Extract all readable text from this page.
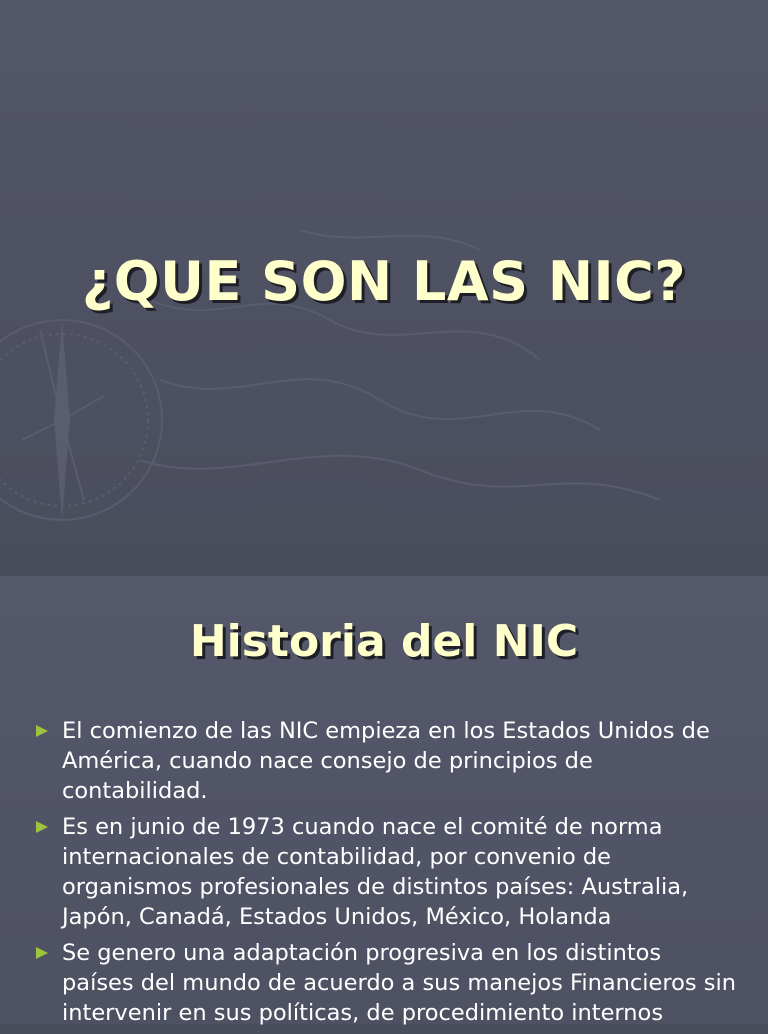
¿QUE SON LAS NIC?
Historia del NIC
El comienzo de las NIC empieza en los Estados Unidos de América, cuando nace consejo de principios de contabilidad.
Es en junio de 1973 cuando nace el comité de norma internacionales de contabilidad, por convenio de organismos profesionales de distintos países: Australia, Japón, Canadá, Estados Unidos, México, Holanda
Se genero una adaptación progresiva en los distintos países del mundo de acuerdo a sus manejos Financieros sin intervenir en sus políticas, de procedimiento internos
